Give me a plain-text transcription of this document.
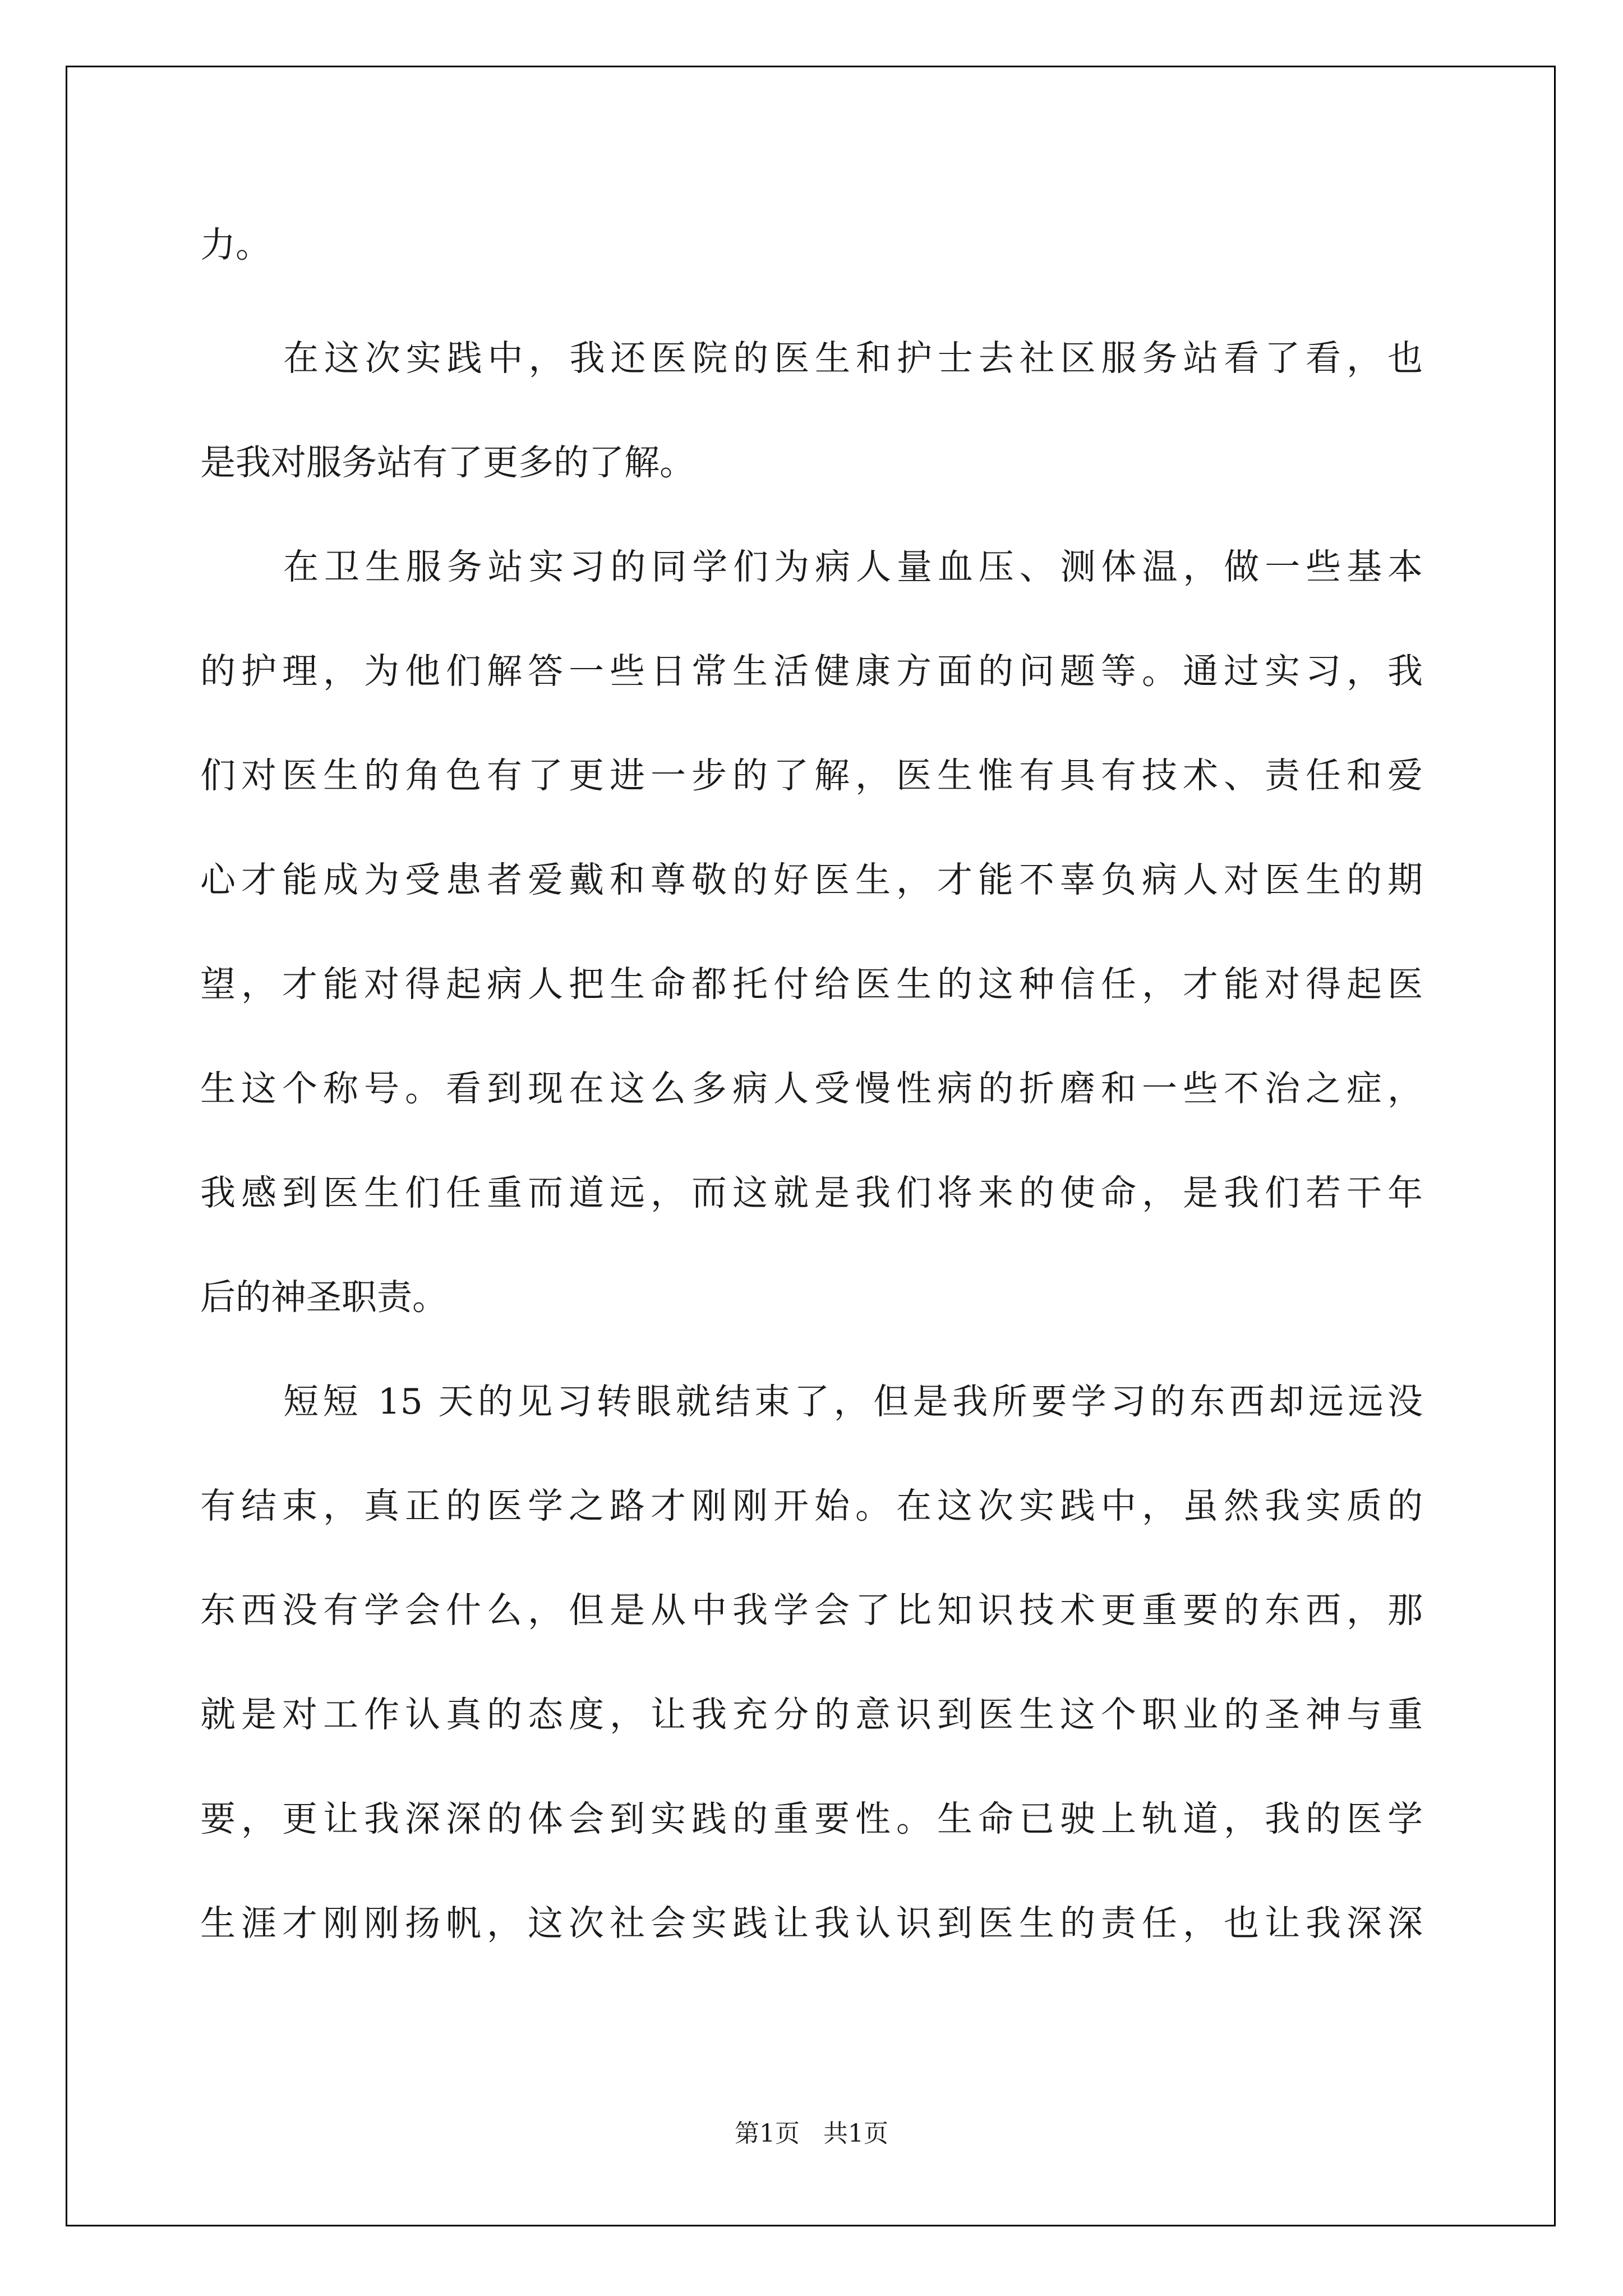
力。
在这次实践中，我还医院的医生和护士去社区服务站看了看，也
是我对服务站有了更多的了解。
在卫生服务站实习的同学们为病人量血压、测体温，做一些基本
的护理，为他们解答一些日常生活健康方面的问题等。通过实习，我
们对医生的角色有了更进一步的了解，医生惟有具有技术、责任和爱
心才能成为受患者爱戴和尊敬的好医生，才能不辜负病人对医生的期
望，才能对得起病人把生命都托付给医生的这种信任，才能对得起医
生这个称号。看到现在这么多病人受慢性病的折磨和一些不治之症，
我感到医生们任重而道远，而这就是我们将来的使命，是我们若干年
后的神圣职责。
短短 15 天的见习转眼就结束了，但是我所要学习的东西却远远没
有结束，真正的医学之路才刚刚开始。在这次实践中，虽然我实质的
东西没有学会什么，但是从中我学会了比知识技术更重要的东西，那
就是对工作认真的态度，让我充分的意识到医生这个职业的圣神与重
要，更让我深深的体会到实践的重要性。生命已驶上轨道，我的医学
生涯才刚刚扬帆，这次社会实践让我认识到医生的责任，也让我深深
第1页   共1页
